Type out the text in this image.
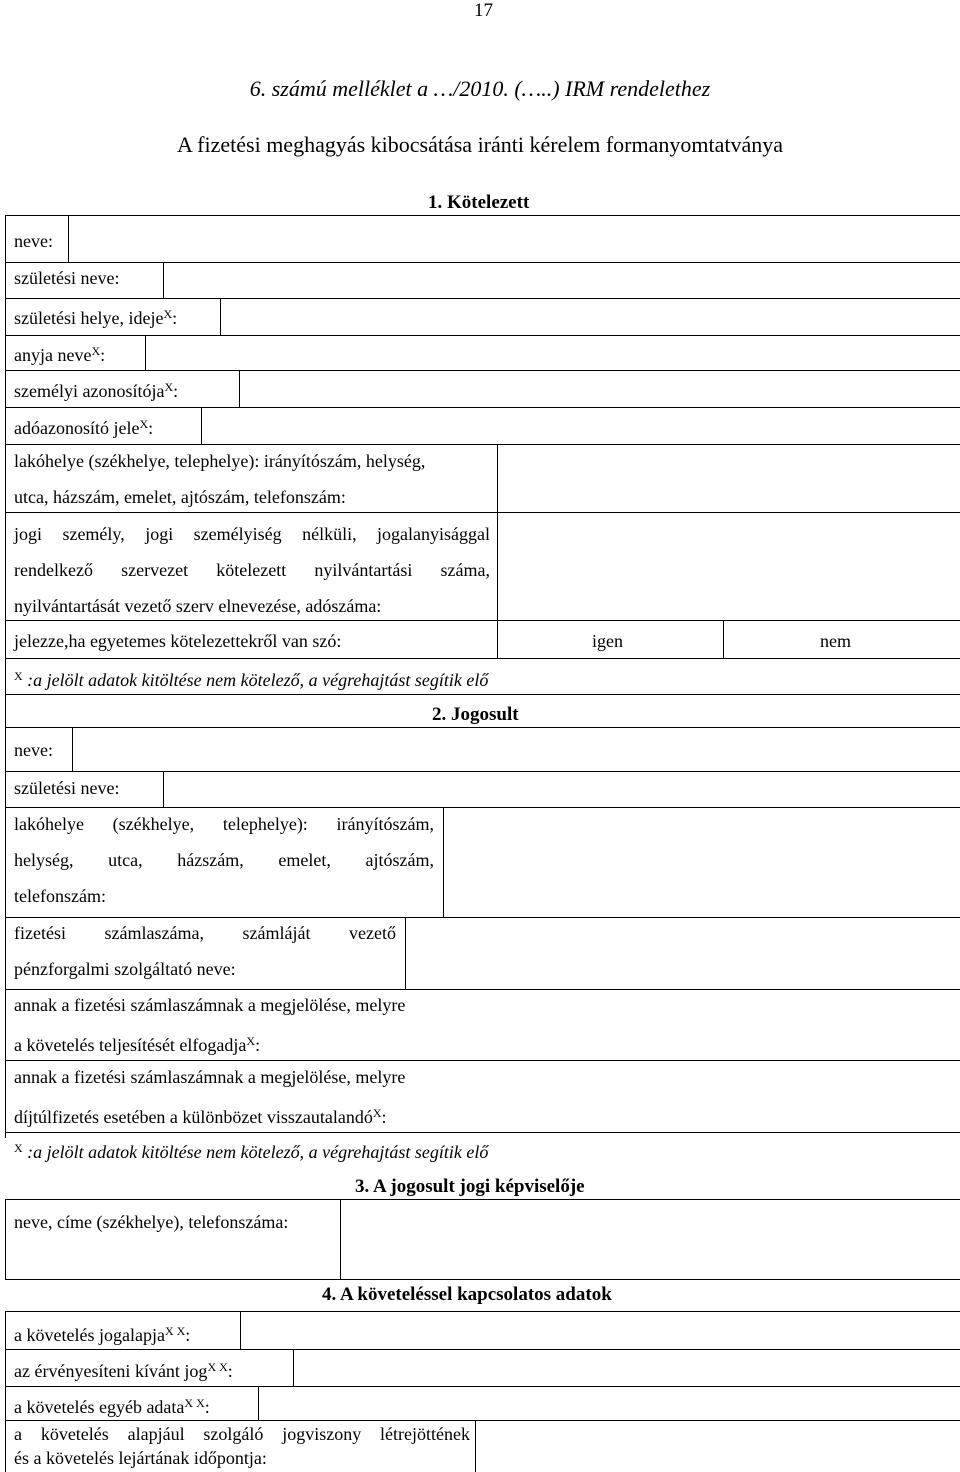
17
6. számú melléklet a …/2010. (…..) IRM rendelethez
A fizetési meghagyás kibocsátása iránti kérelem formanyomtatványa
1. Kötelezett
neve:
születési neve:
születési helye, ideje$^X$:
anyja neve$^X$:
személyi azonosítója$^X$:
adóazonosító jele$^X$:
lakóhelye (székhelye, telephelye): irányítószám, helység,
utca, házszám, emelet, ajtószám, telefonszám:
jogi személy, jogi személyiség nélküli, jogalanyisággal
rendelkező szervezet kötelezett nyilvántartási száma,
nyilvántartását vezető szerv elnevezése, adószáma:
jelezze,ha egyetemes kötelezettekről van szó:	igen	nem
$^X$ :a jelölt adatok kitöltése nem kötelező, a végrehajtást segítik elő
2. Jogosult
neve:
születési neve:
lakóhelye (székhelye, telephelye): irányítószám,
helység, utca, házszám, emelet, ajtószám,
telefonszám:
fizetési számlaszáma, számláját vezető
pénzforgalmi szolgáltató neve:
annak a fizetési számlaszámnak a megjelölése, melyre
a követelés teljesítését elfogadja$^X$:
annak a fizetési számlaszámnak a megjelölése, melyre
díjtúlfizetés esetében a különbözet visszautalandó$^X$:
$^X$ :a jelölt adatok kitöltése nem kötelező, a végrehajtást segítik elő
3. A jogosult jogi képviselője
neve, címe (székhelye), telefonszáma:
4. A követeléssel kapcsolatos adatok
a követelés jogalapja$^{X X}$:
az érvényesíteni kívánt jog$^{X X}$:
a követelés egyéb adata$^{X X}$:
a követelés alapjául szolgáló jogviszony létrejöttének
és a követelés lejártának időpontja:
